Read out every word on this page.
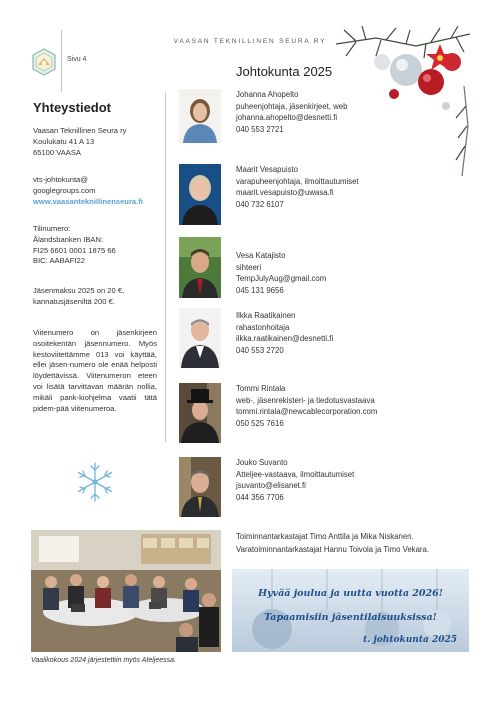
VAASAN TEKNILLINEN SEURA RY
Sivu 4
Yhteystiedot
Vaasan Teknillinen Seura ry
Koulukatu 41 A 13
65100 VAASA
vts-johtokunta@
googlegroups.com
www.vaasanteknillinenseura.fi
Tilinumero:
Ålandsbanken IBAN:
FI25 6601 0001 1875 66
BIC: AABAFI22
Jäsenmaksu 2025 on 20 €,
kannatusjäseniltä 200 €.
Viitenumero on jäsenkirjeen osoitekentän jäsennumero. Myös kestoviitettämme 013 voi käyttää, ellei jäsen-numero ole enää helposti löydettävissä. Viitenumeron eteen voi lisätä tarvittavan määrän nollia, mikäli pank-kiohjelma vaatii tätä pidem-pää viitenumeroa.
Johtokunta 2025
Johanna Ahopelto
puheenjohtaja, jäsenkirjeet, web
johanna.ahopelto@desnetti.fi
040 553 2721
Maarit Vesapuisto
varapuheenjohtaja, ilmoittautumiset
maarit.vesapuisto@uwasa.fi
040 732 6107
Vesa Katajisto
sihteeri
TempJulyAug@gmail.com
045 131 9656
Ilkka Raatikainen
rahastonhoitaja
ilkka.raatikainen@desnetti.fi
040 553 2720
Tommi Rintala
web-, jäsenrekisteri- ja tiedotusvastaava
tommi.rintala@newcablecorporation.com
050 525 7616
Jouko Suvanto
Atteljee-vastaava, ilmoittautumiset
jsuvanto@elisanet.fi
044 356 7706
Toiminnantarkastajat Timo Anttila ja Mika Niskanen.
Varatoiminnantarkastajat Hannu Toivola ja Timo Vekara.
Vaalikokous 2024 järjestettiin myös Ateljeessa.
Hyvää joulua ja uutta vuotta 2026!
Tapaamisiin jäsentilaisuuksissa!
t. johtokunta 2025
